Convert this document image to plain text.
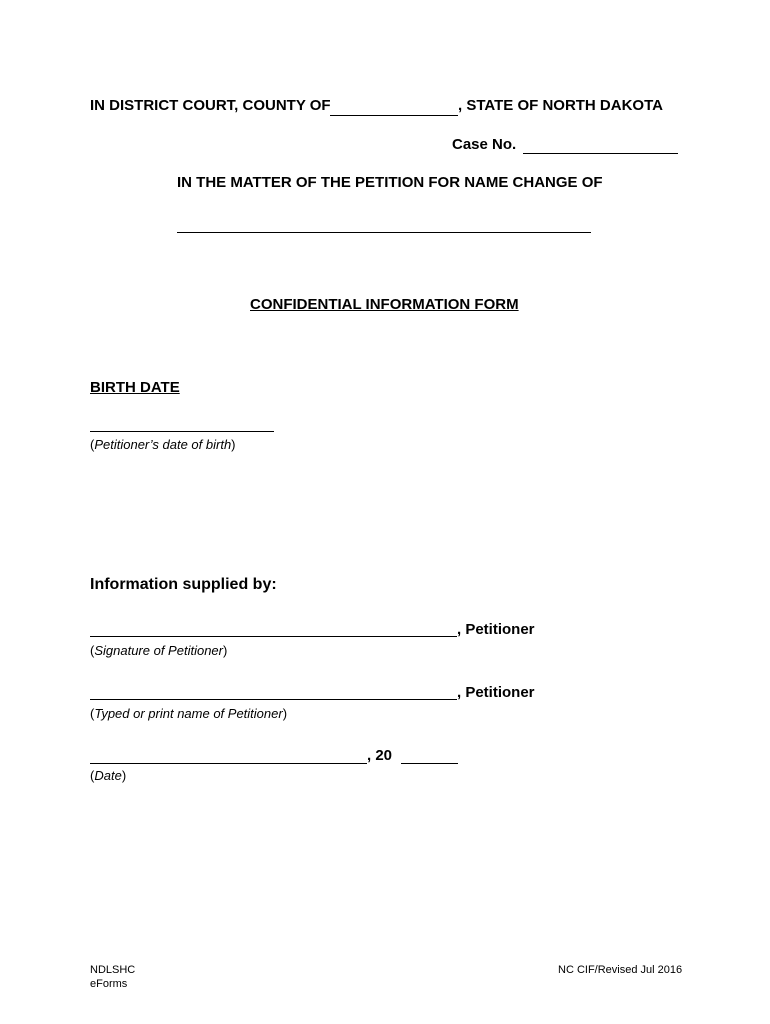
IN DISTRICT COURT, COUNTY OF	, STATE OF NORTH DAKOTA
Case No.
IN THE MATTER OF THE PETITION FOR NAME CHANGE OF
CONFIDENTIAL INFORMATION FORM
BIRTH DATE
(Petitioner’s date of birth)
Information supplied by:
, Petitioner
(Signature of Petitioner)
, Petitioner
(Typed or print name of Petitioner)
, 20
(Date)
NDLSHC
eForms
NC CIF/Revised Jul 2016
